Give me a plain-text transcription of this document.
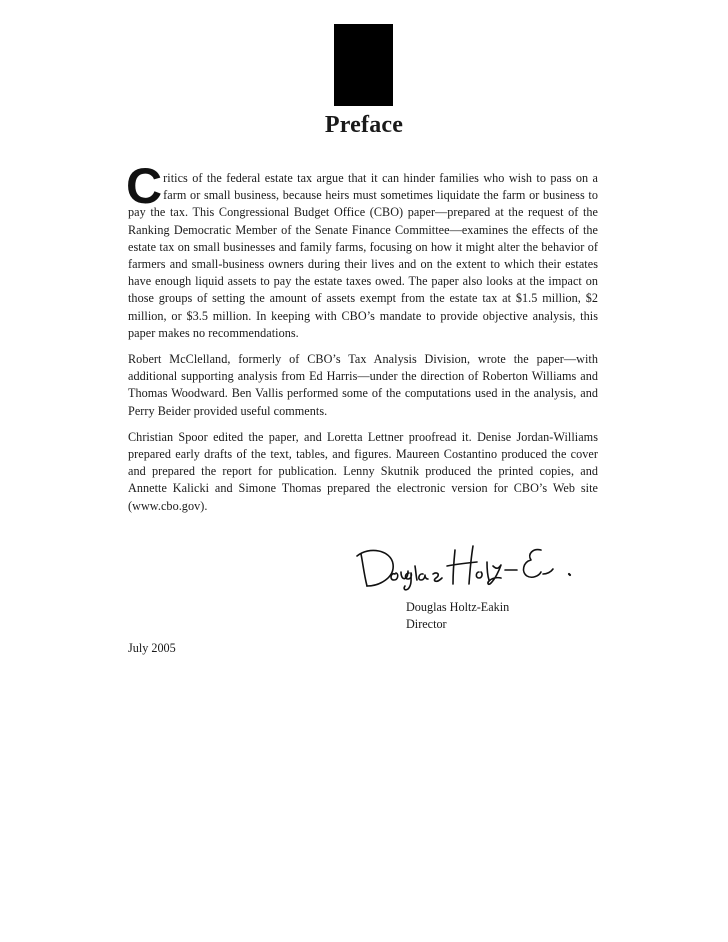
Preface

Critics of the federal estate tax argue that it can hinder families who wish to pass on a farm or small business, because heirs must sometimes liquidate the farm or business to pay the tax. This Congressional Budget Office (CBO) paper—prepared at the request of the Ranking Democratic Member of the Senate Finance Committee—examines the effects of the estate tax on small businesses and family farms, focusing on how it might alter the behavior of farmers and small-business owners during their lives and on the extent to which their estates have enough liquid assets to pay the estate taxes owed. The paper also looks at the impact on those groups of setting the amount of assets exempt from the estate tax at $1.5 million, $2 million, or $3.5 million. In keeping with CBO’s mandate to provide objective analysis, this paper makes no recommendations.

Robert McClelland, formerly of CBO’s Tax Analysis Division, wrote the paper—with additional supporting analysis from Ed Harris—under the direction of Roberton Williams and Thomas Woodward. Ben Vallis performed some of the computations used in the analysis, and Perry Beider provided useful comments.

Christian Spoor edited the paper, and Loretta Lettner proofread it. Denise Jordan-Williams prepared early drafts of the text, tables, and figures. Maureen Costantino produced the cover and prepared the report for publication. Lenny Skutnik produced the printed copies, and Annette Kalicki and Simone Thomas prepared the electronic version for CBO’s Web site (www.cbo.gov).

Douglas Holtz-Eakin
Director
July 2005
